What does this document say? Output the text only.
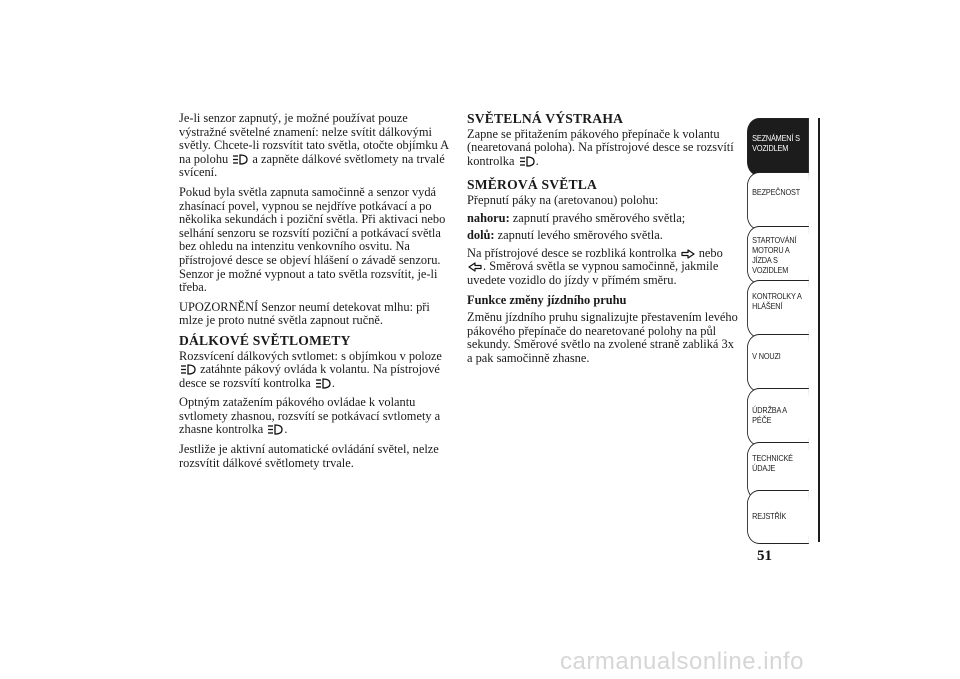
Je-li senzor zapnutý, je možné používat pouze výstražné světelné znamení: nelze svítit dálkovými světly. Chcete-li rozsvítit tato světla, otočte objímku A na polohu  a zapněte dálkové světlomety na trvalé svícení.

Pokud byla světla zapnuta samočinně a senzor vydá zhasínací povel, vypnou se nejdříve potkávací a po několika sekundách i poziční světla. Při aktivaci nebo selhání senzoru se rozsvítí poziční a potkávací světla bez ohledu na intenzitu venkovního osvitu. Na přístrojové desce se objeví hlášení o závadě senzoru. Senzor je možné vypnout a tato světla rozsvítit, je-li třeba.

UPOZORNĚNÍ Senzor neumí detekovat mlhu: při mlze je proto nutné světla zapnout ručně.

DÁLKOVÉ SVĚTLOMETY

Rozsvícení dálkových svtlomet: s objímkou v poloze  zatáhnte pákový ovláda k volantu. Na pístrojové desce se rozsvítí kontrolka .

Optným zatažením pákového ovládae k volantu svtlomety zhasnou, rozsvítí se potkávací svtlomety a zhasne kontrolka .

Jestliže je aktivní automatické ovládání světel, nelze rozsvítit dálkové světlomety trvale.

SVĚTELNÁ VÝSTRAHA

Zapne se přitažením pákového přepínače k volantu (nearetovaná poloha). Na přístrojové desce se rozsvítí kontrolka .

SMĚROVÁ SVĚTLA

Přepnutí páky na (aretovanou) polohu:

nahoru: zapnutí pravého směrového světla;

dolů: zapnutí levého směrového světla.

Na přístrojové desce se rozbliká kontrolka  nebo . Směrová světla se vypnou samočinně, jakmile uvedete vozidlo do jízdy v přímém směru.

Funkce změny jízdního pruhu

Změnu jízdního pruhu signalizujte přestavením levého pákového přepínače do nearetované polohy na půl sekundy. Směrové světlo na zvolené straně zabliká 3x a pak samočinně zhasne.

SEZNÁMENÍ S VOZIDLEM
BEZPEČNOST
STARTOVÁNÍ MOTORU A JÍZDA S VOZIDLEM
KONTROLKY A HLÁŠENÍ
V NOUZI
ÚDRŽBA A PÉČE
TECHNICKÉ ÚDAJE
REJSTŘÍK
51
carmanualsonline.info
